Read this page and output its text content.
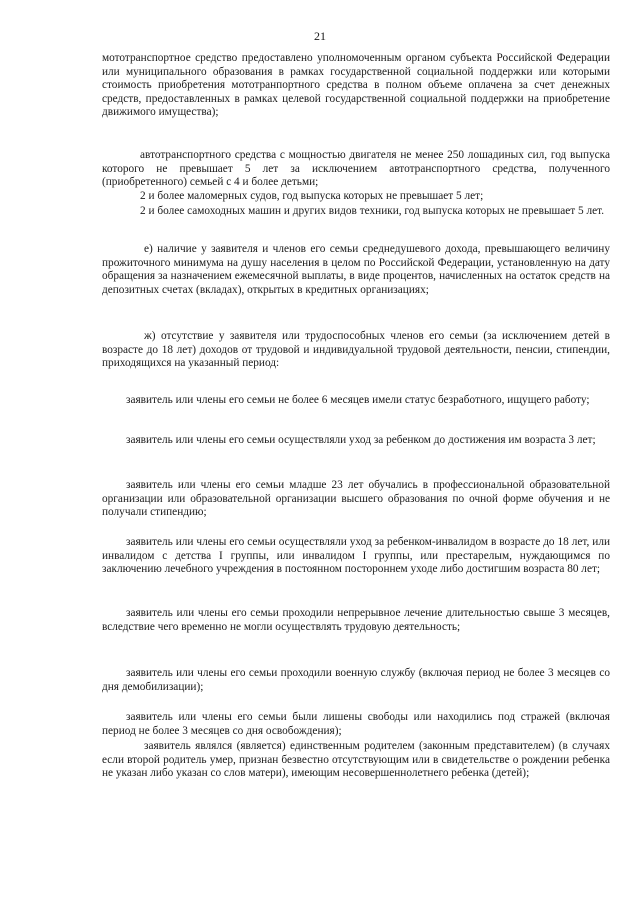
21

мототранспортное средство предоставлено уполномоченным органом субъекта Российской Федерации или муниципального образования в рамках государственной социальной поддержки или которыми стоимость приобретения мототранпортного средства в полном объеме оплачена за счет денежных средств, предоставленных в рамках целевой государственной социальной поддержки на приобретение движимого имущества);

автотранспортного средства с мощностью двигателя не менее 250 лошадиных сил, год выпуска которого не превышает 5 лет за исключением автотранспортного средства, полученного (приобретенного) семьей с 4 и более детьми;

2 и более маломерных судов, год выпуска которых не превышает 5 лет;

2 и более самоходных машин и других видов техники, год выпуска которых не превышает 5 лет.

е) наличие у заявителя и членов его семьи среднедушевого дохода, превышающего величину прожиточного минимума на душу населения в целом по Российской Федерации, установленную на дату обращения за назначением ежемесячной выплаты, в виде процентов, начисленных на остаток средств на депозитных счетах (вкладах), открытых в кредитных организациях;

ж) отсутствие у заявителя или трудоспособных членов его семьи (за исключением детей в возрасте до 18 лет) доходов от трудовой и индивидуальной трудовой деятельности, пенсии, стипендии, приходящихся на указанный период:

заявитель или члены его семьи не более 6 месяцев имели статус безработного, ищущего работу;

заявитель или члены его семьи осуществляли уход за ребенком до достижения им возраста 3 лет;

заявитель или члены его семьи младше 23 лет обучались в профессиональной образовательной организации или образовательной организации высшего образования по очной форме обучения и не получали стипендию;

заявитель или члены его семьи осуществляли уход за ребенком-инвалидом в возрасте до 18 лет, или инвалидом с детства I группы, или инвалидом I группы, или престарелым, нуждающимся по заключению лечебного учреждения в постоянном постороннем уходе либо достигшим возраста 80 лет;

заявитель или члены его семьи проходили непрерывное лечение длительностью свыше 3 месяцев, вследствие чего временно не могли осуществлять трудовую деятельность;

заявитель или члены его семьи проходили военную службу (включая период не более 3 месяцев со дня демобилизации);

заявитель или члены его семьи были лишены свободы или находились под стражей (включая период не более 3 месяцев со дня освобождения);

заявитель являлся (является) единственным родителем (законным представителем) (в случаях если второй родитель умер, признан безвестно отсутствующим или в свидетельстве о рождении ребенка не указан либо указан со слов матери), имеющим несовершеннолетнего ребенка (детей);
